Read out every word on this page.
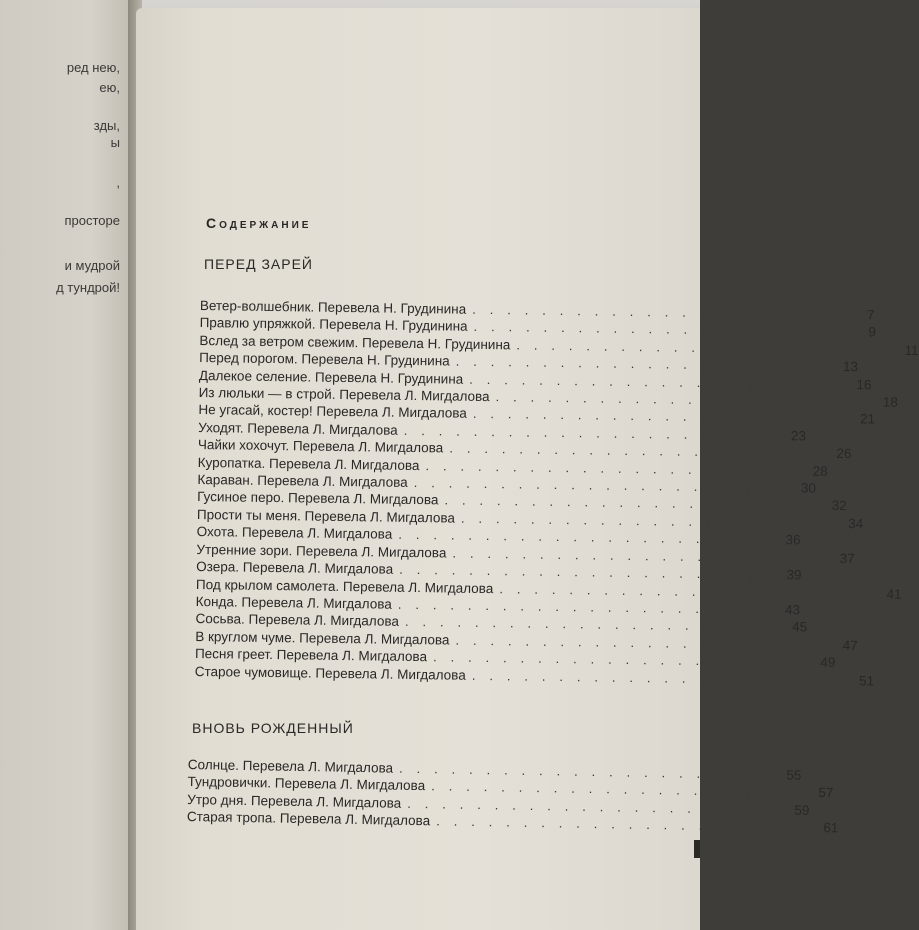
ред нею,
ею,
зды,
ы
,
просторе
и мудрой
д тундрой!
Содержание
ПЕРЕД ЗАРЕЙ
Ветер-волшебник. Перевела Н. Грудинина . . . . . . . . . . . . . . . . . . . . . .	7
Правлю упряжкой. Перевела Н. Грудинина . . . . . . . . . . . . . . . . . . . . . .	9
Вслед за ветром свежим. Перевела Н. Грудинина . . . . . . . . . . . . . . . . . . . . . . 11
Перед порогом. Перевела Н. Грудинина . . . . . . . . . . . . . . . . . . . . . . 13
Далекое селение. Перевела Н. Грудинина . . . . . . . . . . . . . . . . . . . . . . 16
Из люльки — в строй. Перевела Л. Мигдалова . . . . . . . . . . . . . . . . . . . . . . 18
Не угасай, костер! Перевела Л. Мигдалова . . . . . . . . . . . . . . . . . . . . . . 21
Уходят. Перевела Л. Мигдалова . . . . . . . . . . . . . . . . . . . . . . 23
Чайки хохочут. Перевела Л. Мигдалова . . . . . . . . . . . . . . . . . . . . . . 26
Куропатка. Перевела Л. Мигдалова . . . . . . . . . . . . . . . . . . . . . . 28
Караван. Перевела Л. Мигдалова . . . . . . . . . . . . . . . . . . . . . . 30
Гусиное перо. Перевела Л. Мигдалова . . . . . . . . . . . . . . . . . . . . . . 32
Прости ты меня. Перевела Л. Мигдалова . . . . . . . . . . . . . . . . . . . . . . 34
Охота. Перевела Л. Мигдалова . . . . . . . . . . . . . . . . . . . . . . 36
Утренние зори. Перевела Л. Мигдалова . . . . . . . . . . . . . . . . . . . . . . 37
Озера. Перевела Л. Мигдалова . . . . . . . . . . . . . . . . . . . . . . 39
Под крылом самолета. Перевела Л. Мигдалова . . . . . . . . . . . . . . . . . . . . . . 41
Конда. Перевела Л. Мигдалова . . . . . . . . . . . . . . . . . . . . . . 43
Сосьва. Перевела Л. Мигдалова . . . . . . . . . . . . . . . . . . . . . . 45
В круглом чуме. Перевела Л. Мигдалова . . . . . . . . . . . . . . . . . . . . . . 47
Песня греет. Перевела Л. Мигдалова . . . . . . . . . . . . . . . . . . . . . . 49
Старое чумовище. Перевела Л. Мигдалова . . . . . . . . . . . . . . . . . . . . . . 51
ВНОВЬ РОЖДЕННЫЙ
Солнце. Перевела Л. Мигдалова . . . . . . . . . . . . . . . . . . . . . . 55
Тундровички. Перевела Л. Мигдалова . . . . . . . . . . . . . . . . . . . . . . 57
Утро дня. Перевела Л. Мигдалова . . . . . . . . . . . . . . . . . . . . . . 59
Старая тропа. Перевела Л. Мигдалова . . . . . . . . . . . . . . . . . . . . . . 61
